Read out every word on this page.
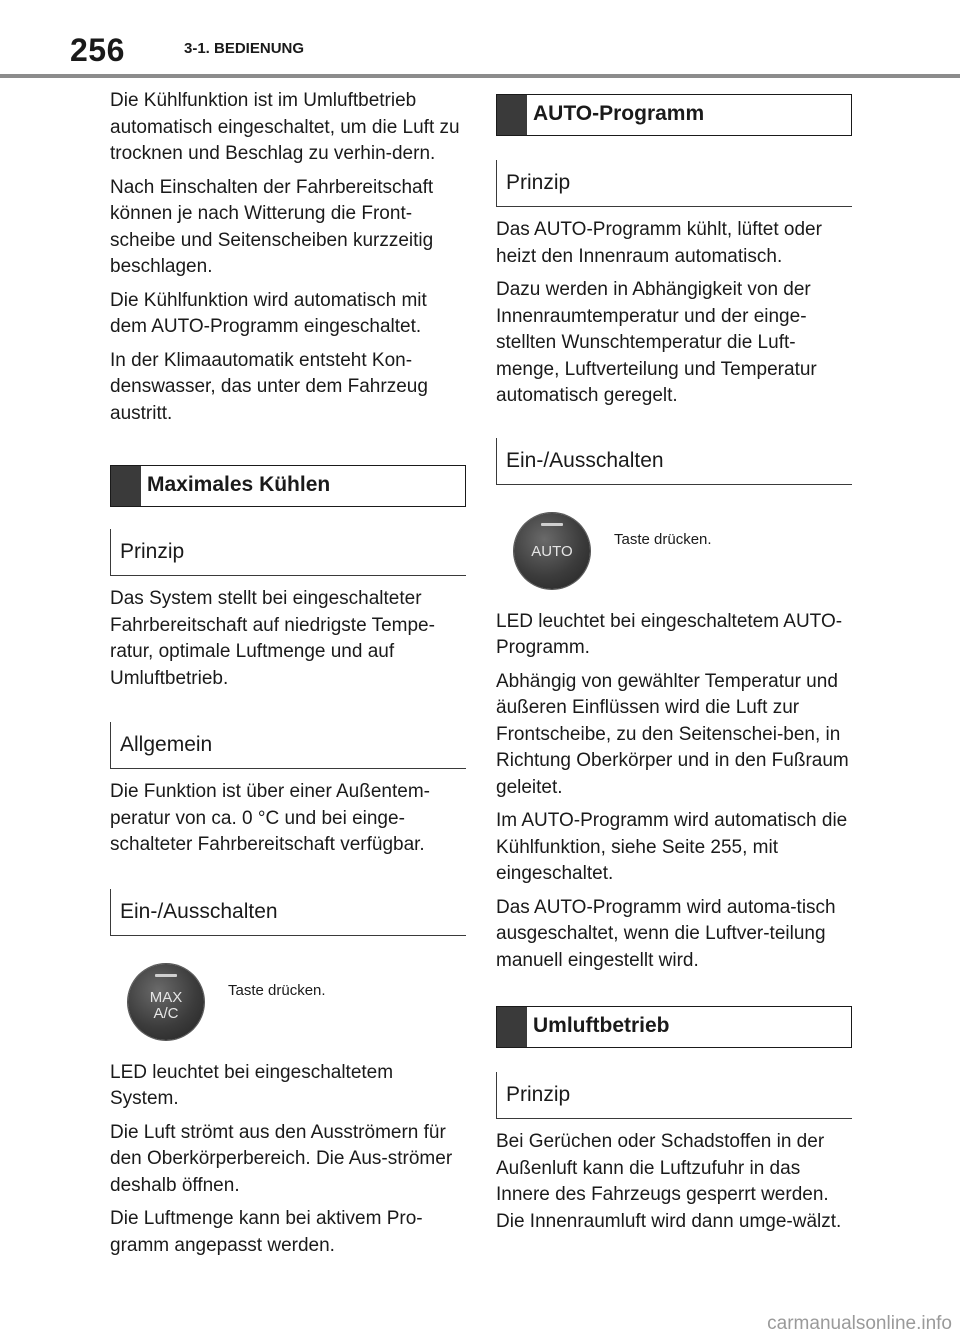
256	3-1. BEDIENUNG

Die Kühlfunktion ist im Umluftbetrieb automatisch eingeschaltet, um die Luft zu trocknen und Beschlag zu verhin-dern.

Nach Einschalten der Fahrbereitschaft können je nach Witterung die Front-scheibe und Seitenscheiben kurzzeitig beschlagen.

Die Kühlfunktion wird automatisch mit dem AUTO-Programm eingeschaltet.

In der Klimaautomatik entsteht Kon-denswasser, das unter dem Fahrzeug austritt.

Maximales Kühlen
Prinzip

Das System stellt bei eingeschalteter Fahrbereitschaft auf niedrigste Tempe-ratur, optimale Luftmenge und auf Umluftbetrieb.

Allgemein

Die Funktion ist über einer Außentem-peratur von ca. 0 °C und bei einge-schalteter Fahrbereitschaft verfügbar.

Ein-/Ausschalten
MAX
A/C
Taste drücken.

LED leuchtet bei eingeschaltetem System.

Die Luft strömt aus den Ausströmern für den Oberkörperbereich. Die Aus-strömer deshalb öffnen.

Die Luftmenge kann bei aktivem Pro-gramm angepasst werden.

AUTO-Programm
Prinzip

Das AUTO-Programm kühlt, lüftet oder heizt den Innenraum automatisch.

Dazu werden in Abhängigkeit von der Innenraumtemperatur und der einge-stellten Wunschtemperatur die Luft-menge, Luftverteilung und Temperatur automatisch geregelt.

Ein-/Ausschalten
AUTO
Taste drücken.

LED leuchtet bei eingeschaltetem AUTO-Programm.

Abhängig von gewählter Temperatur und äußeren Einflüssen wird die Luft zur Frontscheibe, zu den Seitenschei-ben, in Richtung Oberkörper und in den Fußraum geleitet.

Im AUTO-Programm wird automatisch die Kühlfunktion, siehe Seite 255, mit eingeschaltet.

Das AUTO-Programm wird automa-tisch ausgeschaltet, wenn die Luftver-teilung manuell eingestellt wird.

Umluftbetrieb
Prinzip

Bei Gerüchen oder Schadstoffen in der Außenluft kann die Luftzufuhr in das Innere des Fahrzeugs gesperrt werden. Die Innenraumluft wird dann umge-wälzt.

carmanualsonline.info
